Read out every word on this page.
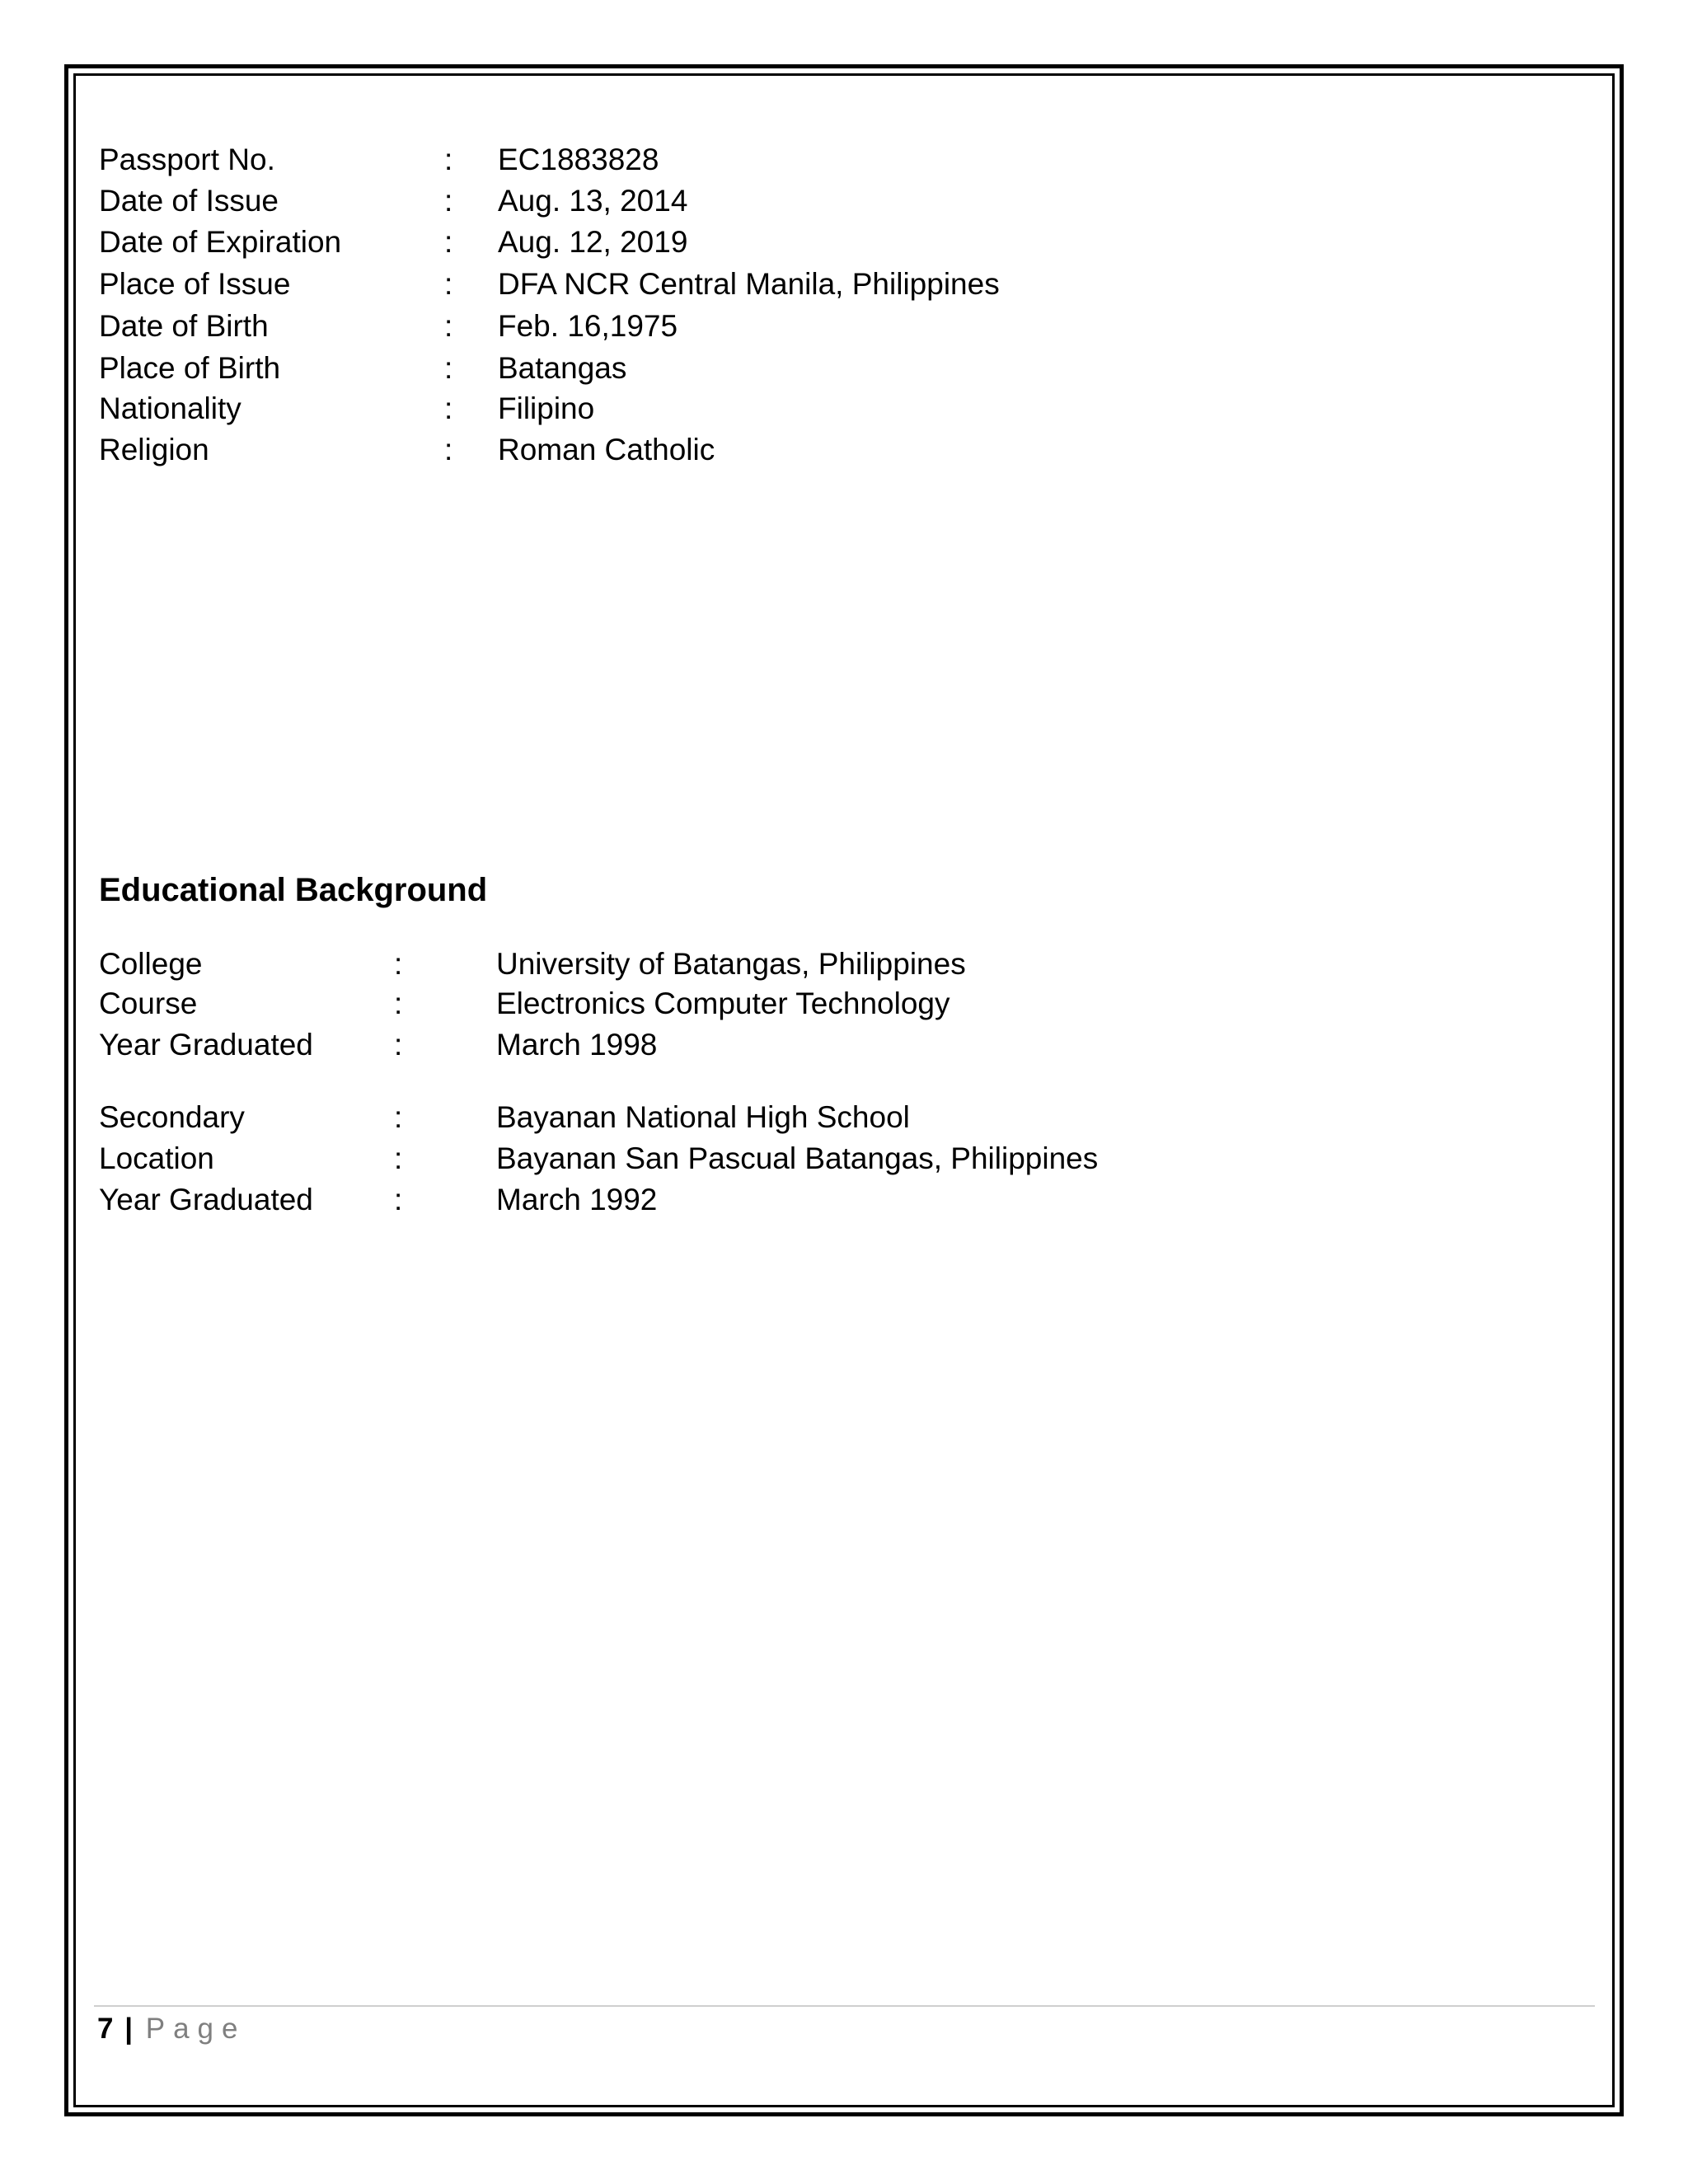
Passport No.	: EC1883828
Date of Issue	: Aug. 13, 2014
Date of Expiration	: Aug. 12, 2019
Place of Issue	: DFA NCR Central Manila, Philippines
Date of Birth	: Feb. 16,1975
Place of Birth	: Batangas
Nationality	: Filipino
Religion	: Roman Catholic
Educational Background
College	:	University of Batangas, Philippines
Course	:	Electronics Computer Technology
Year Graduated	:	March 1998
Secondary	:	Bayanan National High School
Location	:	Bayanan San Pascual Batangas, Philippines
Year Graduated	:	March 1992
7 | Page
